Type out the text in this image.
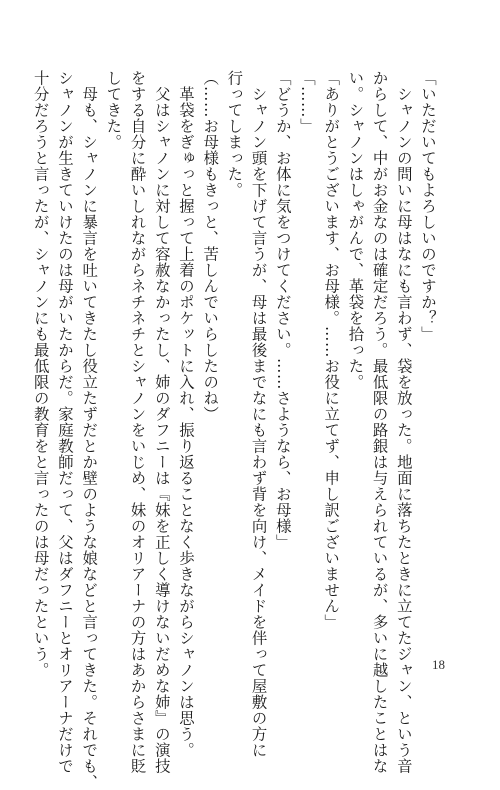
「いただいてもよろしいのですか？」
　シャノンの問いに母はなにも言わず、袋を放った。地面に落ちたときに立てたジャン、という音
からして、中がお金なのは確定だろう。最低限の路銀は与えられているが、多いに越したことはな
い。シャノンはしゃがんで、革袋を拾った。
「ありがとうございます、お母様。……お役に立てず、申し訳ございません」
「……」
「どうか、お体に気をつけてください。……さようなら、お母様」
　シャノン頭を下げて言うが、母は最後までなにも言わず背を向け、メイドを伴って屋敷の方に
行ってしまった。
（……お母様もきっと、苦しんでいらしたのね）
　革袋をぎゅっと握って上着のポケットに入れ、振り返ることなく歩きながらシャノンは思う。
　父はシャノンに対して容赦なかったし、姉のダフニーは『妹を正しく導けないだめな姉』の演技
をする自分に酔いしれながらネチネチとシャノンをいじめ、妹のオリアーナの方はあからさまに貶
してきた。
　母も、シャノンに暴言を吐いてきたし役立たずだとか壁のような娘などと言ってきた。それでも、
シャノンが生きていけたのは母がいたからだ。家庭教師だって、父はダフニーとオリアーナだけで
十分だろうと言ったが、シャノンにも最低限の教育をと言ったのは母だったという。	18
